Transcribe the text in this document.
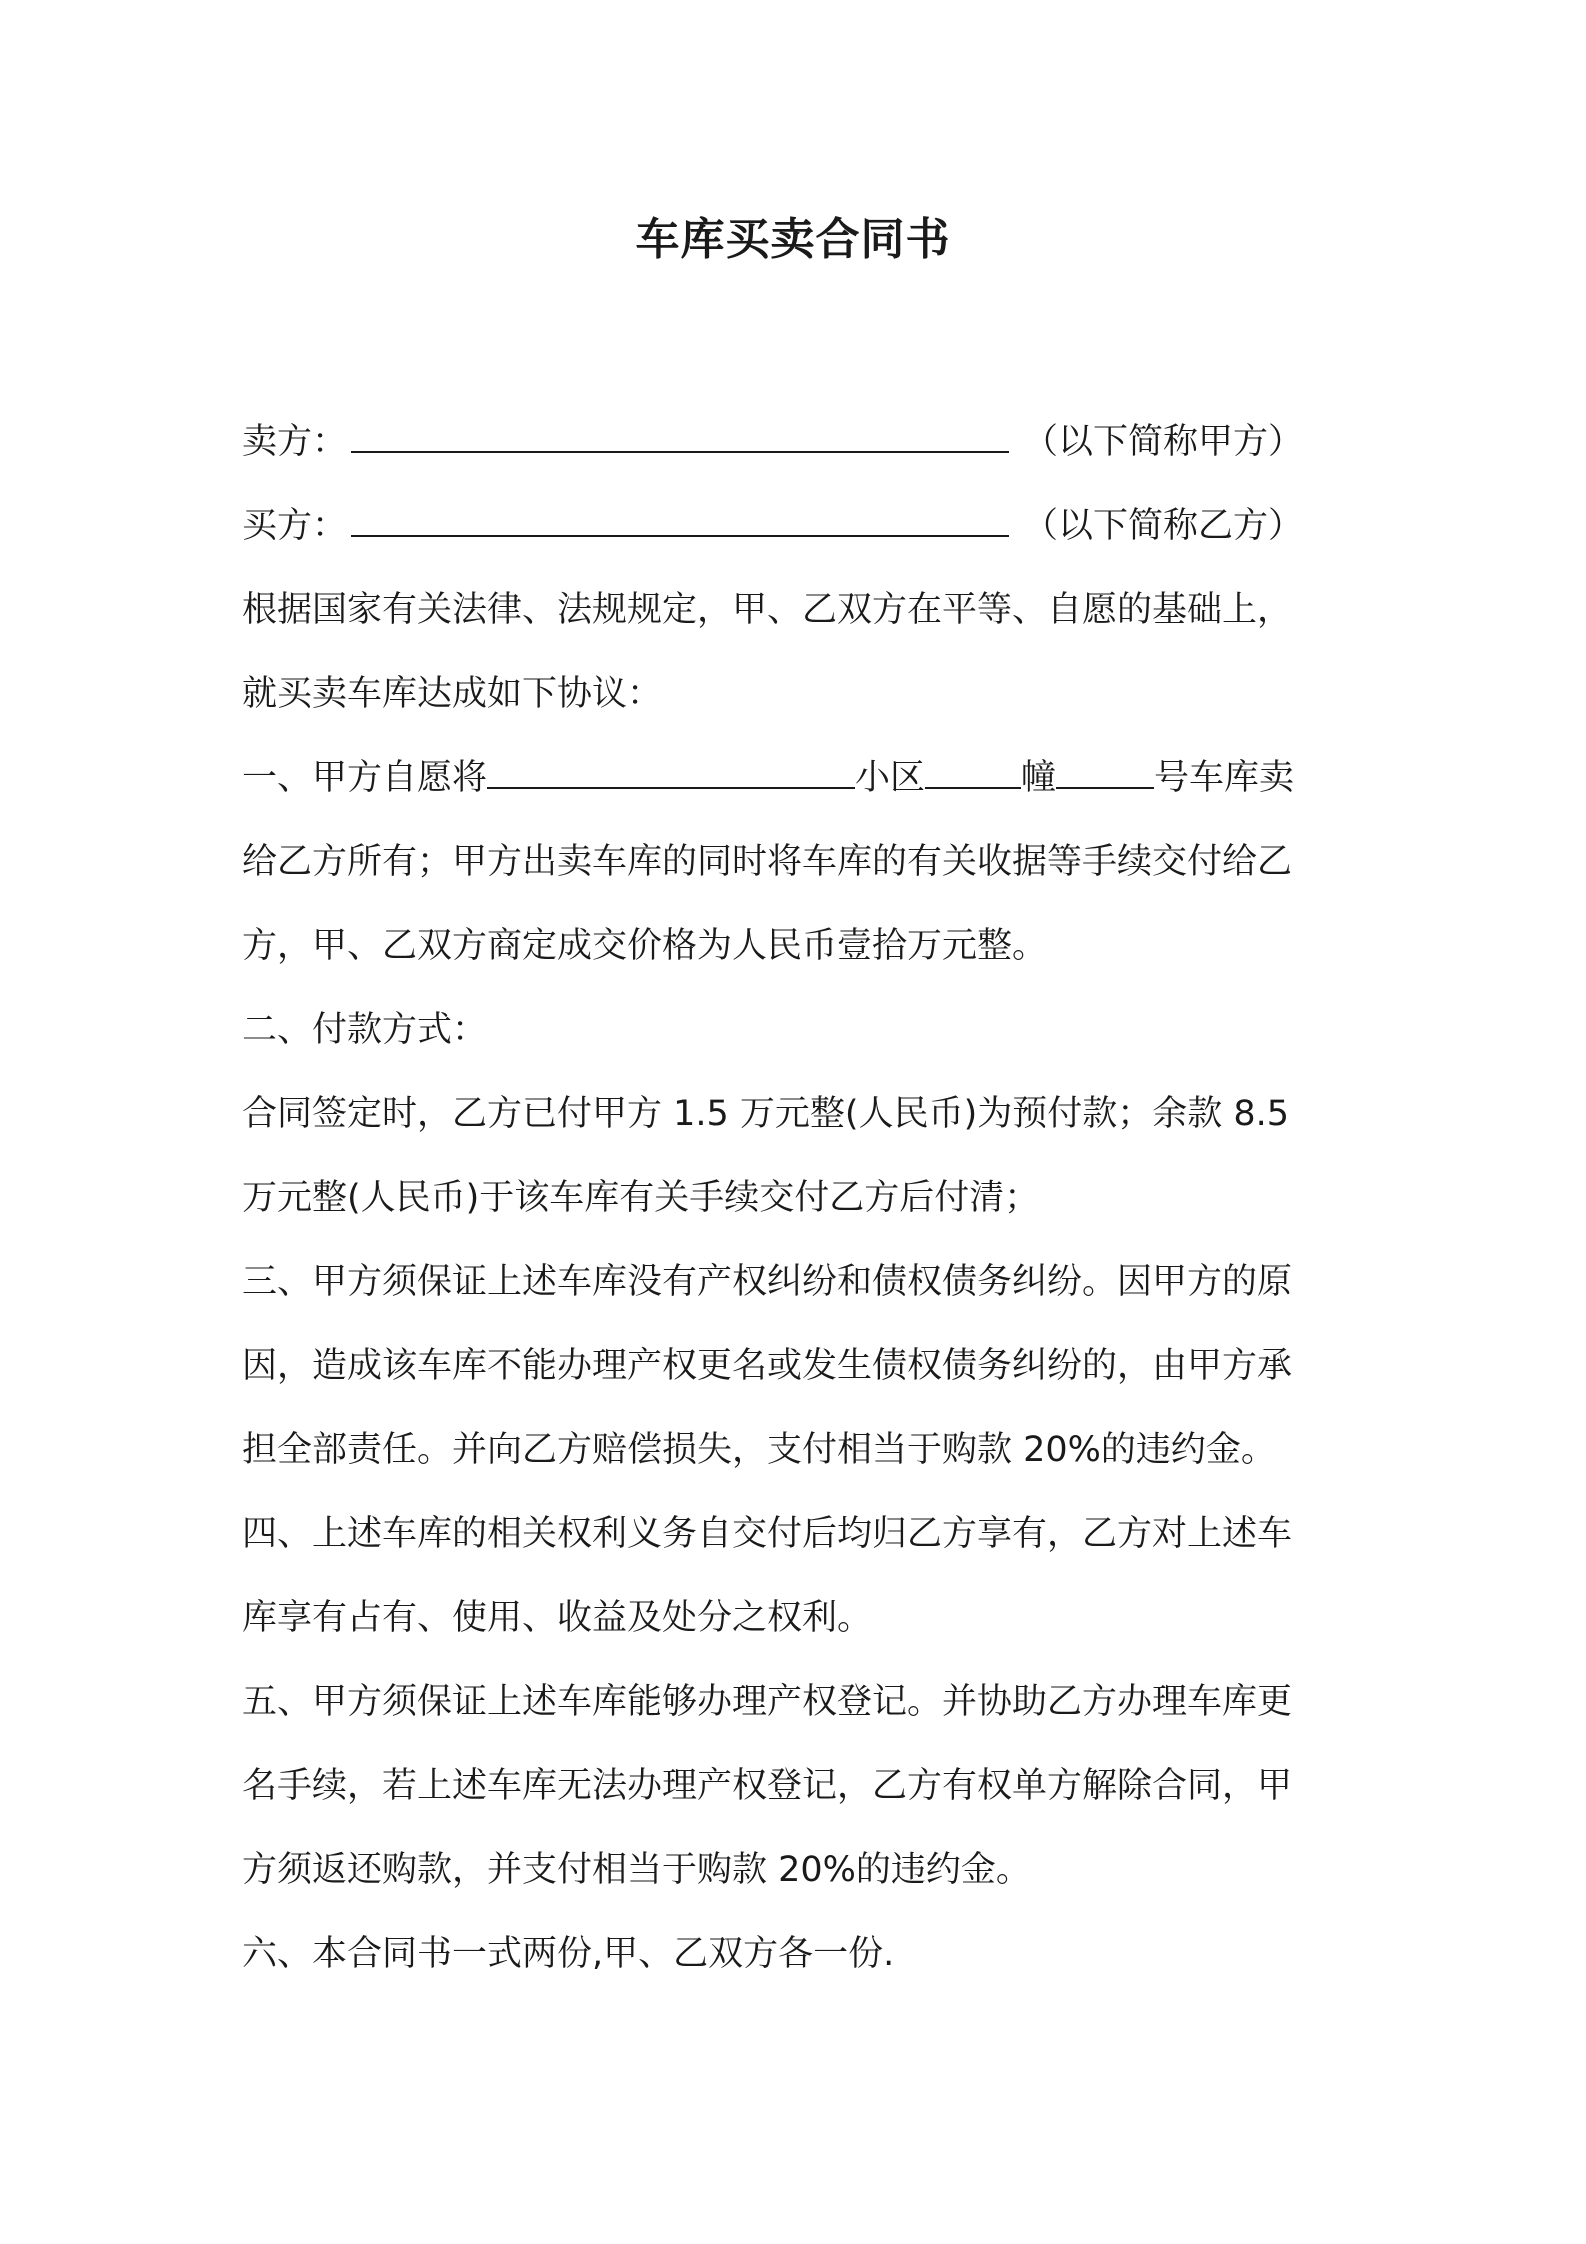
车库买卖合同书
卖方：	（以下简称甲方）
买方：	（以下简称乙方）
根据国家有关法律、法规规定，甲、乙双方在平等、自愿的基础上，
就买卖车库达成如下协议：
一、甲方自愿将	小区	幢	号车库卖
给乙方所有；甲方出卖车库的同时将车库的有关收据等手续交付给乙
方，甲、乙双方商定成交价格为人民币壹拾万元整。
二、付款方式：
合同签定时，乙方已付甲方 1.5 万元整(人民币)为预付款；余款 8.5
万元整(人民币)于该车库有关手续交付乙方后付清；
三、甲方须保证上述车库没有产权纠纷和债权债务纠纷。因甲方的原
因，造成该车库不能办理产权更名或发生债权债务纠纷的，由甲方承
担全部责任。并向乙方赔偿损失，支付相当于购款 20%的违约金。
四、上述车库的相关权利义务自交付后均归乙方享有，乙方对上述车
库享有占有、使用、收益及处分之权利。
五、甲方须保证上述车库能够办理产权登记。并协助乙方办理车库更
名手续，若上述车库无法办理产权登记，乙方有权单方解除合同，甲
方须返还购款，并支付相当于购款 20%的违约金。
六、本合同书一式两份,甲、乙双方各一份.
